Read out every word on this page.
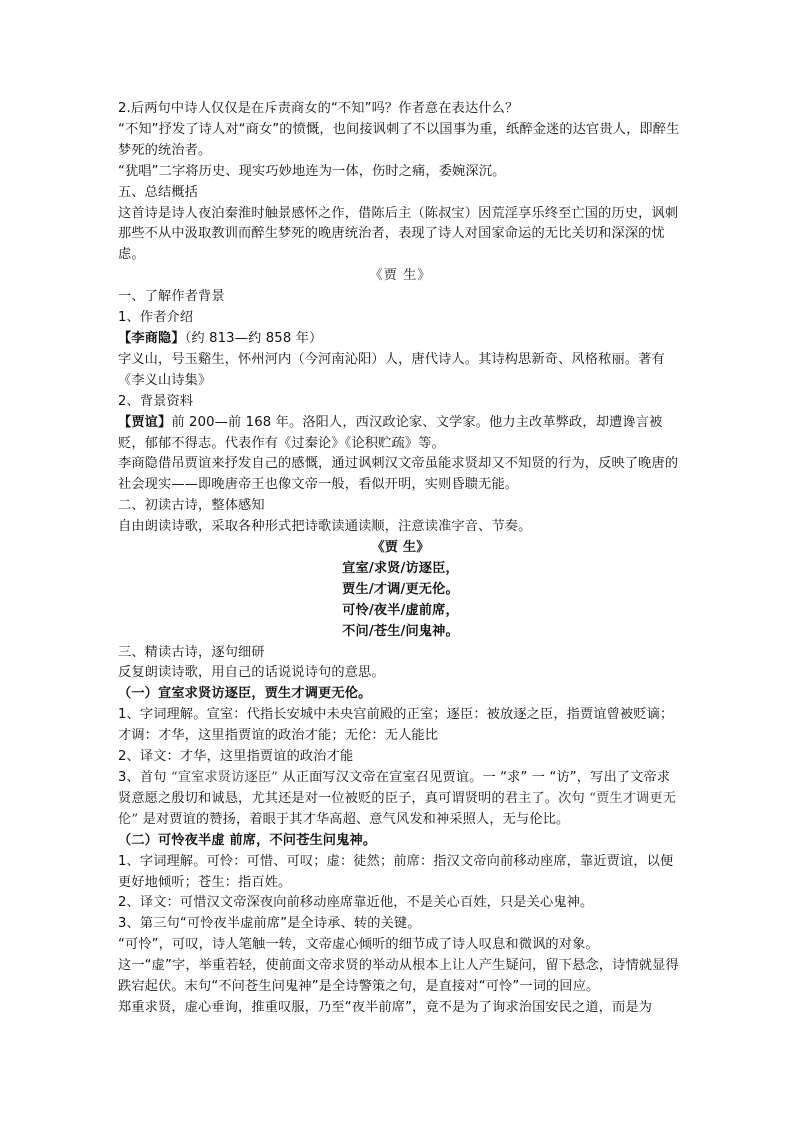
2.后两句中诗人仅仅是在斥责商女的“不知”吗？作者意在表达什么？

“不知”抒发了诗人对“商女”的愤慨，也间接讽刺了不以国事为重，纸醉金迷的达官贵人，即醉生梦死的统治者。

“犹唱”二字将历史、现实巧妙地连为一体，伤时之痛，委婉深沉。

五、总结概括

这首诗是诗人夜泊秦淮时触景感怀之作，借陈后主（陈叔宝）因荒淫享乐终至亡国的历史，讽刺那些不从中汲取教训而醉生梦死的晚唐统治者，表现了诗人对国家命运的无比关切和深深的忧虑。

《贾 生》

一、了解作者背景

1、作者介绍

【李商隐】（约 813—约 858 年）

字义山，号玉谿生，怀州河内（今河南沁阳）人，唐代诗人。其诗构思新奇、风格秾丽。著有《李义山诗集》

2、背景资料

【贾谊】前 200—前 168 年。洛阳人，西汉政论家、文学家。他力主改革弊政，却遭谗言被贬，郁郁不得志。代表作有《过秦论》《论积贮疏》等。

李商隐借吊贾谊来抒发自己的感慨，通过讽刺汉文帝虽能求贤却又不知贤的行为，反映了晚唐的社会现实——即晚唐帝王也像文帝一般，看似开明，实则昏聩无能。

二、初读古诗，整体感知

自由朗读诗歌，采取各种形式把诗歌读通读顺，注意读准字音、节奏。

《贾 生》

宣室/求贤/访逐臣，

贾生/才调/更无伦。

可怜/夜半/虚前席，

不问/苍生/问鬼神。

三、精读古诗，逐句细研

反复朗读诗歌，用自己的话说说诗句的意思。

（一）宣室求贤访逐臣，贾生才调更无伦。

1、字词理解。宣室：代指长安城中未央宫前殿的正室；逐臣：被放逐之臣，指贾谊曾被贬谪；才调：才华，这里指贾谊的政治才能；无伦：无人能比

2、译文：才华，这里指贾谊的政治才能

3、首句 “宣室求贤访逐臣” 从正面写汉文帝在宣室召见贾谊。一 “求” 一 “访”，写出了文帝求贤意愿之殷切和诚恳，尤其还是对一位被贬的臣子，真可谓贤明的君主了。次句 “贾生才调更无伦” 是对贾谊的赞扬，着眼于其才华高超、意气风发和神采照人，无与伦比。

（二）可怜夜半虚 前席，不问苍生问鬼神。

1、字词理解。可怜：可惜、可叹；虚：徒然；前席：指汉文帝向前移动座席，靠近贾谊，以便更好地倾听；苍生：指百姓。

2、译文：可惜汉文帝深夜向前移动座席靠近他，不是关心百姓，只是关心鬼神。

3、第三句“可怜夜半虚前席”是全诗承、转的关键。

“可怜”，可叹，诗人笔触一转，文帝虚心倾听的细节成了诗人叹息和微讽的对象。

这一“虚”字，举重若轻，使前面文帝求贤的举动从根本上让人产生疑问，留下悬念，诗情就显得跌宕起伏。末句“不问苍生问鬼神”是全诗警策之句，是直接对“可怜”一词的回应。

郑重求贤，虚心垂询，推重叹服，乃至“夜半前席”，竟不是为了询求治国安民之道，而是为
